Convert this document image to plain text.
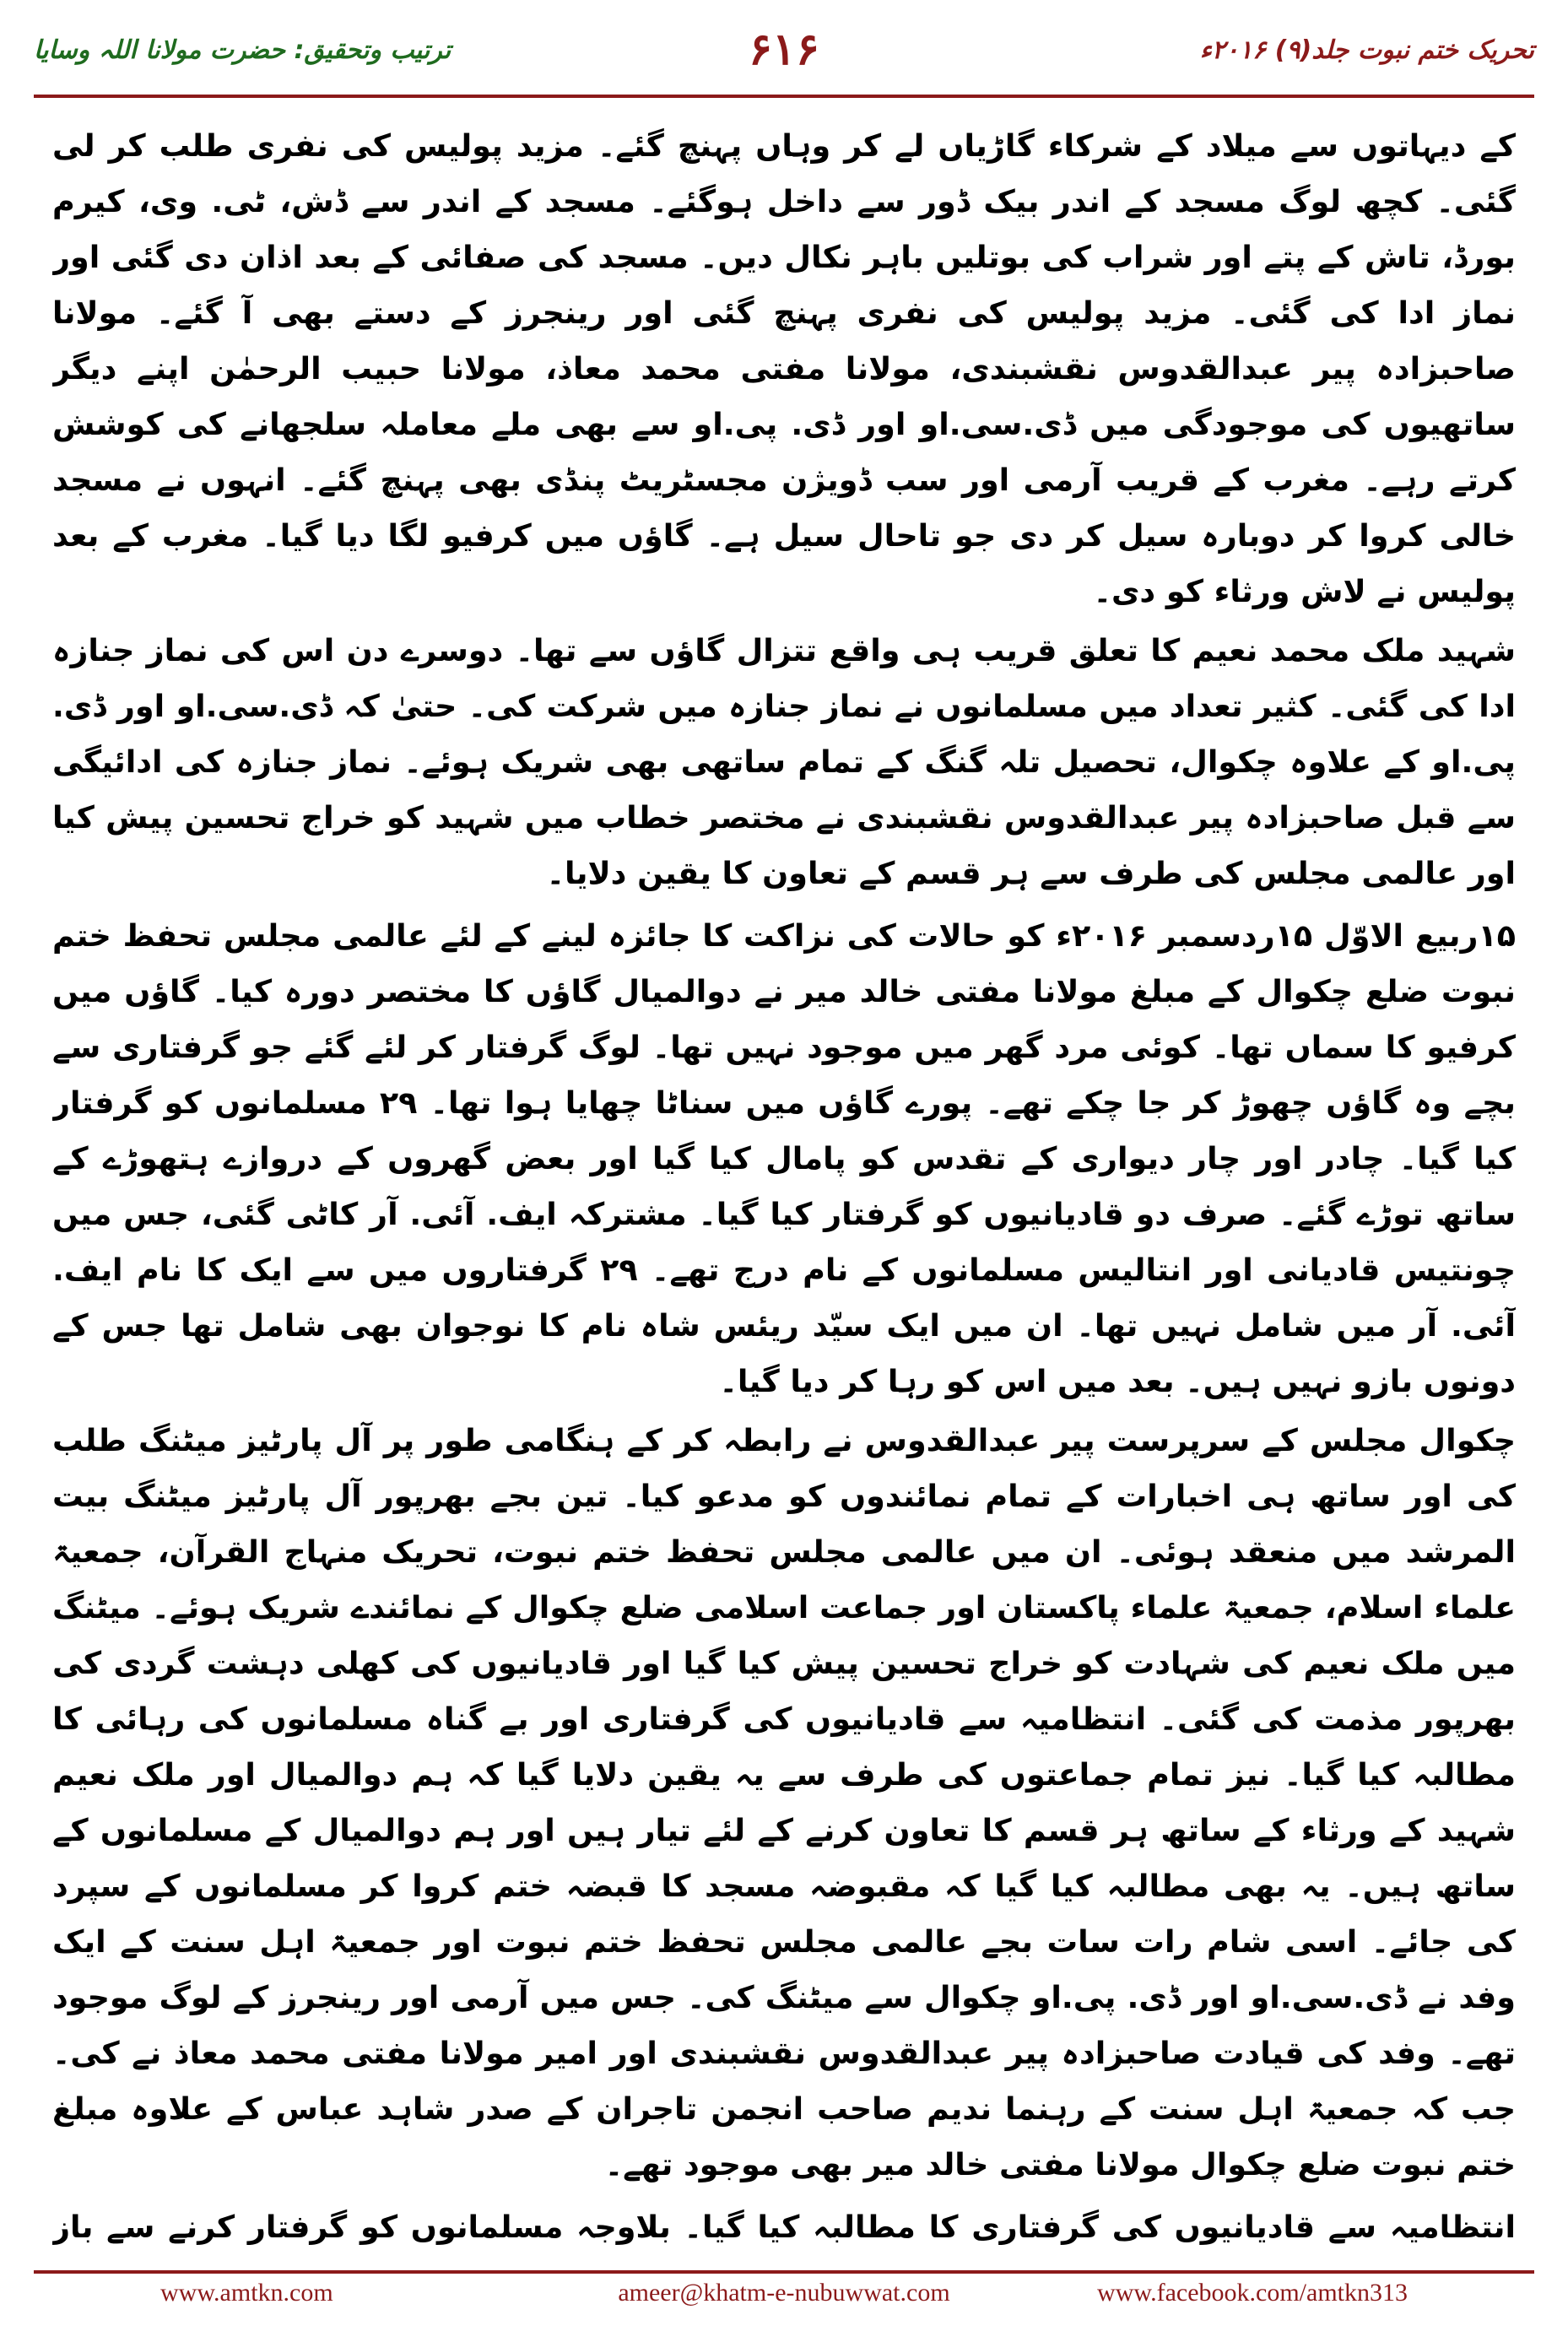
ترتیب وتحقیق: حضرت مولانا اللہ وسایا	۶۱۶	تحریک ختم نبوت جلد(۹) ۲۰۱۶ء

کے دیہاتوں سے میلاد کے شرکاء گاڑیاں لے کر وہاں پہنچ گئے۔ مزید پولیس کی نفری طلب کر لی گئی۔ کچھ لوگ مسجد کے اندر بیک ڈور سے داخل ہوگئے۔ مسجد کے اندر سے ڈش، ٹی. وی، کیرم بورڈ، تاش کے پتے اور شراب کی بوتلیں باہر نکال دیں۔ مسجد کی صفائی کے بعد اذان دی گئی اور نماز ادا کی گئی۔ مزید پولیس کی نفری پہنچ گئی اور رینجرز کے دستے بھی آ گئے۔ مولانا صاحبزادہ پیر عبدالقدوس نقشبندی، مولانا مفتی محمد معاذ، مولانا حبیب الرحمٰن اپنے دیگر ساتھیوں کی موجودگی میں ڈی.سی.او اور ڈی. پی.او سے بھی ملے معاملہ سلجھانے کی کوشش کرتے رہے۔ مغرب کے قریب آرمی اور سب ڈویژن مجسٹریٹ پنڈی بھی پہنچ گئے۔ انہوں نے مسجد خالی کروا کر دوبارہ سیل کر دی جو تاحال سیل ہے۔ گاؤں میں کرفیو لگا دیا گیا۔ مغرب کے بعد پولیس نے لاش ورثاء کو دی۔

شہید ملک محمد نعیم کا تعلق قریب ہی واقع تتزال گاؤں سے تھا۔ دوسرے دن اس کی نماز جنازہ ادا کی گئی۔ کثیر تعداد میں مسلمانوں نے نماز جنازہ میں شرکت کی۔ حتیٰ کہ ڈی.سی.او اور ڈی. پی.او کے علاوہ چکوال، تحصیل تلہ گنگ کے تمام ساتھی بھی شریک ہوئے۔ نماز جنازہ کی ادائیگی سے قبل صاحبزادہ پیر عبدالقدوس نقشبندی نے مختصر خطاب میں شہید کو خراج تحسین پیش کیا اور عالمی مجلس کی طرف سے ہر قسم کے تعاون کا یقین دلایا۔

۱۵ربیع الاوّل ۱۵ردسمبر ۲۰۱۶ء کو حالات کی نزاکت کا جائزہ لینے کے لئے عالمی مجلس تحفظ ختم نبوت ضلع چکوال کے مبلغ مولانا مفتی خالد میر نے دوالمیال گاؤں کا مختصر دورہ کیا۔ گاؤں میں کرفیو کا سماں تھا۔ کوئی مرد گھر میں موجود نہیں تھا۔ لوگ گرفتار کر لئے گئے جو گرفتاری سے بچے وہ گاؤں چھوڑ کر جا چکے تھے۔ پورے گاؤں میں سناٹا چھایا ہوا تھا۔ ۲۹ مسلمانوں کو گرفتار کیا گیا۔ چادر اور چار دیواری کے تقدس کو پامال کیا گیا اور بعض گھروں کے دروازے ہتھوڑے کے ساتھ توڑے گئے۔ صرف دو قادیانیوں کو گرفتار کیا گیا۔ مشترکہ ایف. آئی. آر کاٹی گئی، جس میں چونتیس قادیانی اور انتالیس مسلمانوں کے نام درج تھے۔ ۲۹ گرفتاروں میں سے ایک کا نام ایف. آئی. آر میں شامل نہیں تھا۔ ان میں ایک سیّد ریئس شاہ نام کا نوجوان بھی شامل تھا جس کے دونوں بازو نہیں ہیں۔ بعد میں اس کو رہا کر دیا گیا۔

چکوال مجلس کے سرپرست پیر عبدالقدوس نے رابطہ کر کے ہنگامی طور پر آل پارٹیز میٹنگ طلب کی اور ساتھ ہی اخبارات کے تمام نمائندوں کو مدعو کیا۔ تین بجے بھرپور آل پارٹیز میٹنگ بیت المرشد میں منعقد ہوئی۔ ان میں عالمی مجلس تحفظ ختم نبوت، تحریک منہاج القرآن، جمعیۃ علماء اسلام، جمعیۃ علماء پاکستان اور جماعت اسلامی ضلع چکوال کے نمائندے شریک ہوئے۔ میٹنگ میں ملک نعیم کی شہادت کو خراج تحسین پیش کیا گیا اور قادیانیوں کی کھلی دہشت گردی کی بھرپور مذمت کی گئی۔ انتظامیہ سے قادیانیوں کی گرفتاری اور بے گناہ مسلمانوں کی رہائی کا مطالبہ کیا گیا۔ نیز تمام جماعتوں کی طرف سے یہ یقین دلایا گیا کہ ہم دوالمیال اور ملک نعیم شہید کے ورثاء کے ساتھ ہر قسم کا تعاون کرنے کے لئے تیار ہیں اور ہم دوالمیال کے مسلمانوں کے ساتھ ہیں۔ یہ بھی مطالبہ کیا گیا کہ مقبوضہ مسجد کا قبضہ ختم کروا کر مسلمانوں کے سپرد کی جائے۔ اسی شام رات سات بجے عالمی مجلس تحفظ ختم نبوت اور جمعیۃ اہل سنت کے ایک وفد نے ڈی.سی.او اور ڈی. پی.او چکوال سے میٹنگ کی۔ جس میں آرمی اور رینجرز کے لوگ موجود تھے۔ وفد کی قیادت صاحبزادہ پیر عبدالقدوس نقشبندی اور امیر مولانا مفتی محمد معاذ نے کی۔ جب کہ جمعیۃ اہل سنت کے رہنما ندیم صاحب انجمن تاجران کے صدر شاہد عباس کے علاوہ مبلغ ختم نبوت ضلع چکوال مولانا مفتی خالد میر بھی موجود تھے۔

انتظامیہ سے قادیانیوں کی گرفتاری کا مطالبہ کیا گیا۔ بلاوجہ مسلمانوں کو گرفتار کرنے سے باز

www.amtkn.com	ameer@khatm-e-nubuwwat.com	www.facebook.com/amtkn313
